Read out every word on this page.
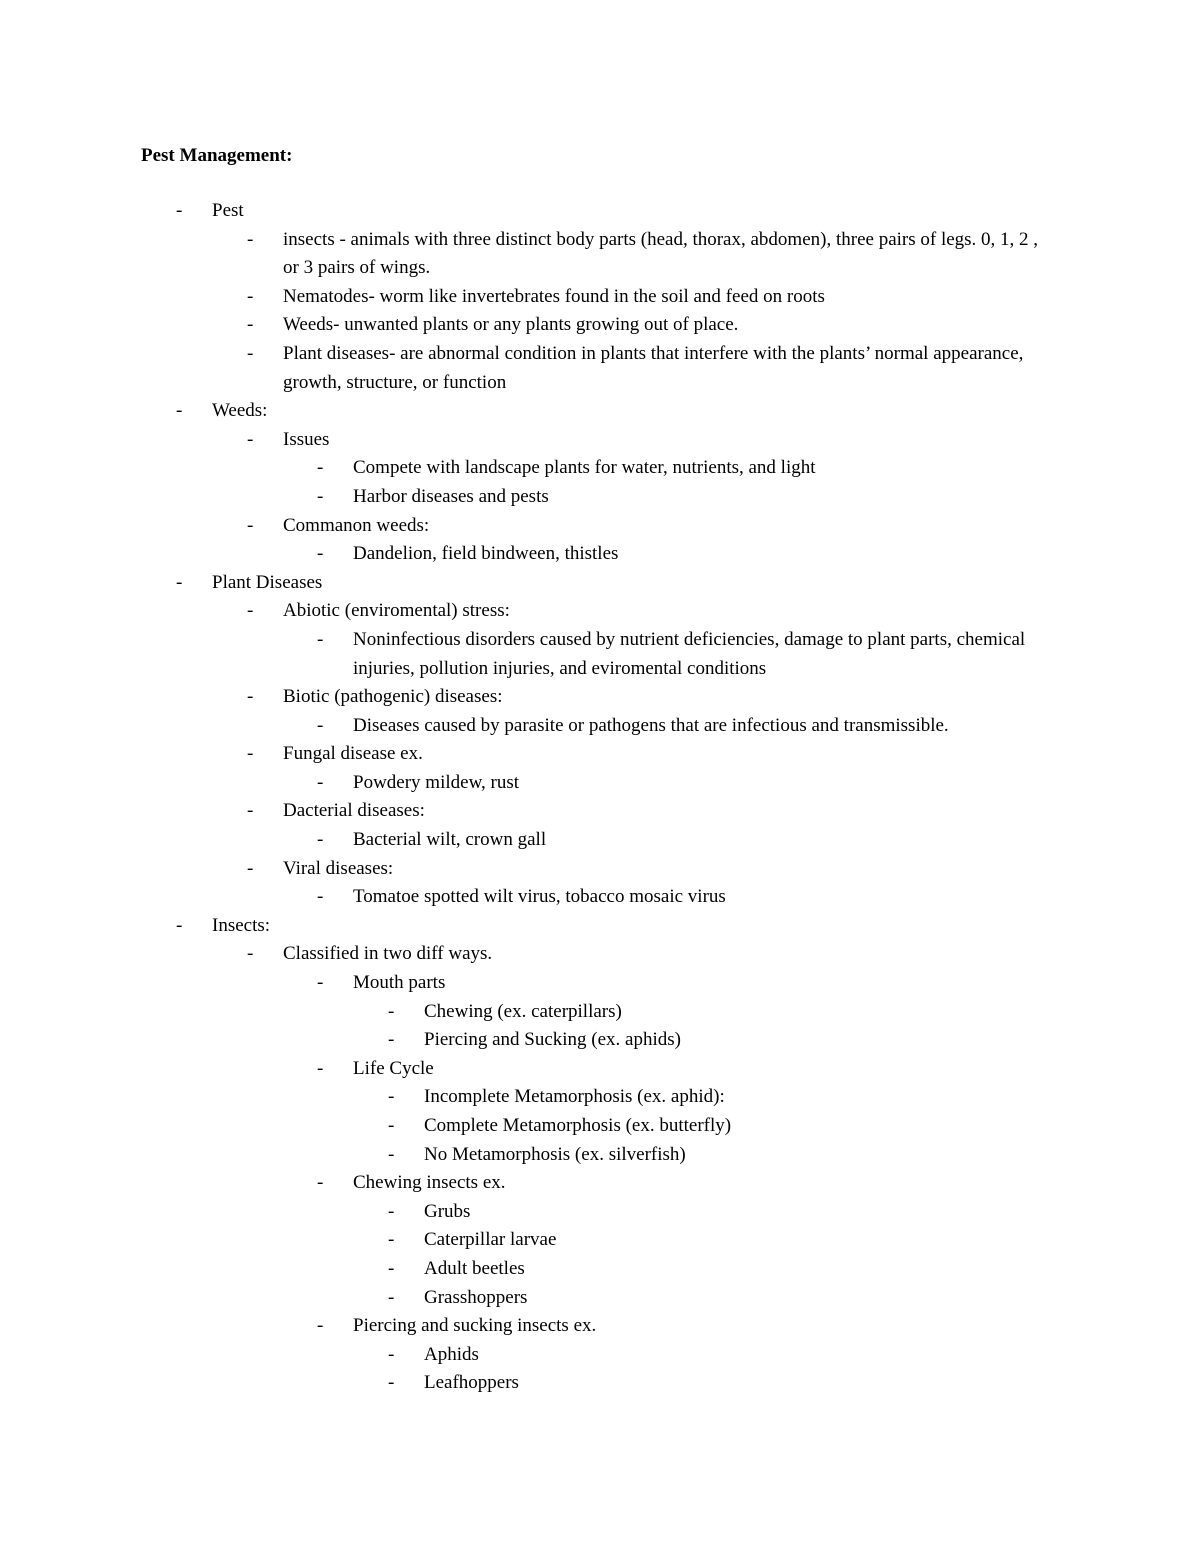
Pest Management:
- Pest
- insects - animals with three distinct body parts (head, thorax, abdomen), three pairs of legs. 0, 1, 2 , or 3 pairs of wings.
- Nematodes- worm like invertebrates found in the soil and feed on roots
- Weeds- unwanted plants or any plants growing out of place.
- Plant diseases- are abnormal condition in plants that interfere with the plants’ normal appearance, growth, structure, or function
- Weeds:
- Issues
- Compete with landscape plants for water, nutrients, and light
- Harbor diseases and pests
- Commanon weeds:
- Dandelion, field bindween, thistles
- Plant Diseases
- Abiotic (enviromental) stress:
- Noninfectious disorders caused by nutrient deficiencies, damage to plant parts, chemical injuries, pollution injuries, and eviromental conditions
- Biotic (pathogenic) diseases:
- Diseases caused by parasite or pathogens that are infectious and transmissible.
- Fungal disease ex.
- Powdery mildew, rust
- Dacterial diseases:
- Bacterial wilt, crown gall
- Viral diseases:
- Tomatoe spotted wilt virus, tobacco mosaic virus
- Insects:
- Classified in two diff ways.
- Mouth parts
- Chewing (ex. caterpillars)
- Piercing and Sucking (ex. aphids)
- Life Cycle
- Incomplete Metamorphosis (ex. aphid):
- Complete Metamorphosis (ex. butterfly)
- No Metamorphosis (ex. silverfish)
- Chewing insects ex.
- Grubs
- Caterpillar larvae
- Adult beetles
- Grasshoppers
- Piercing and sucking insects ex.
- Aphids
- Leafhoppers
